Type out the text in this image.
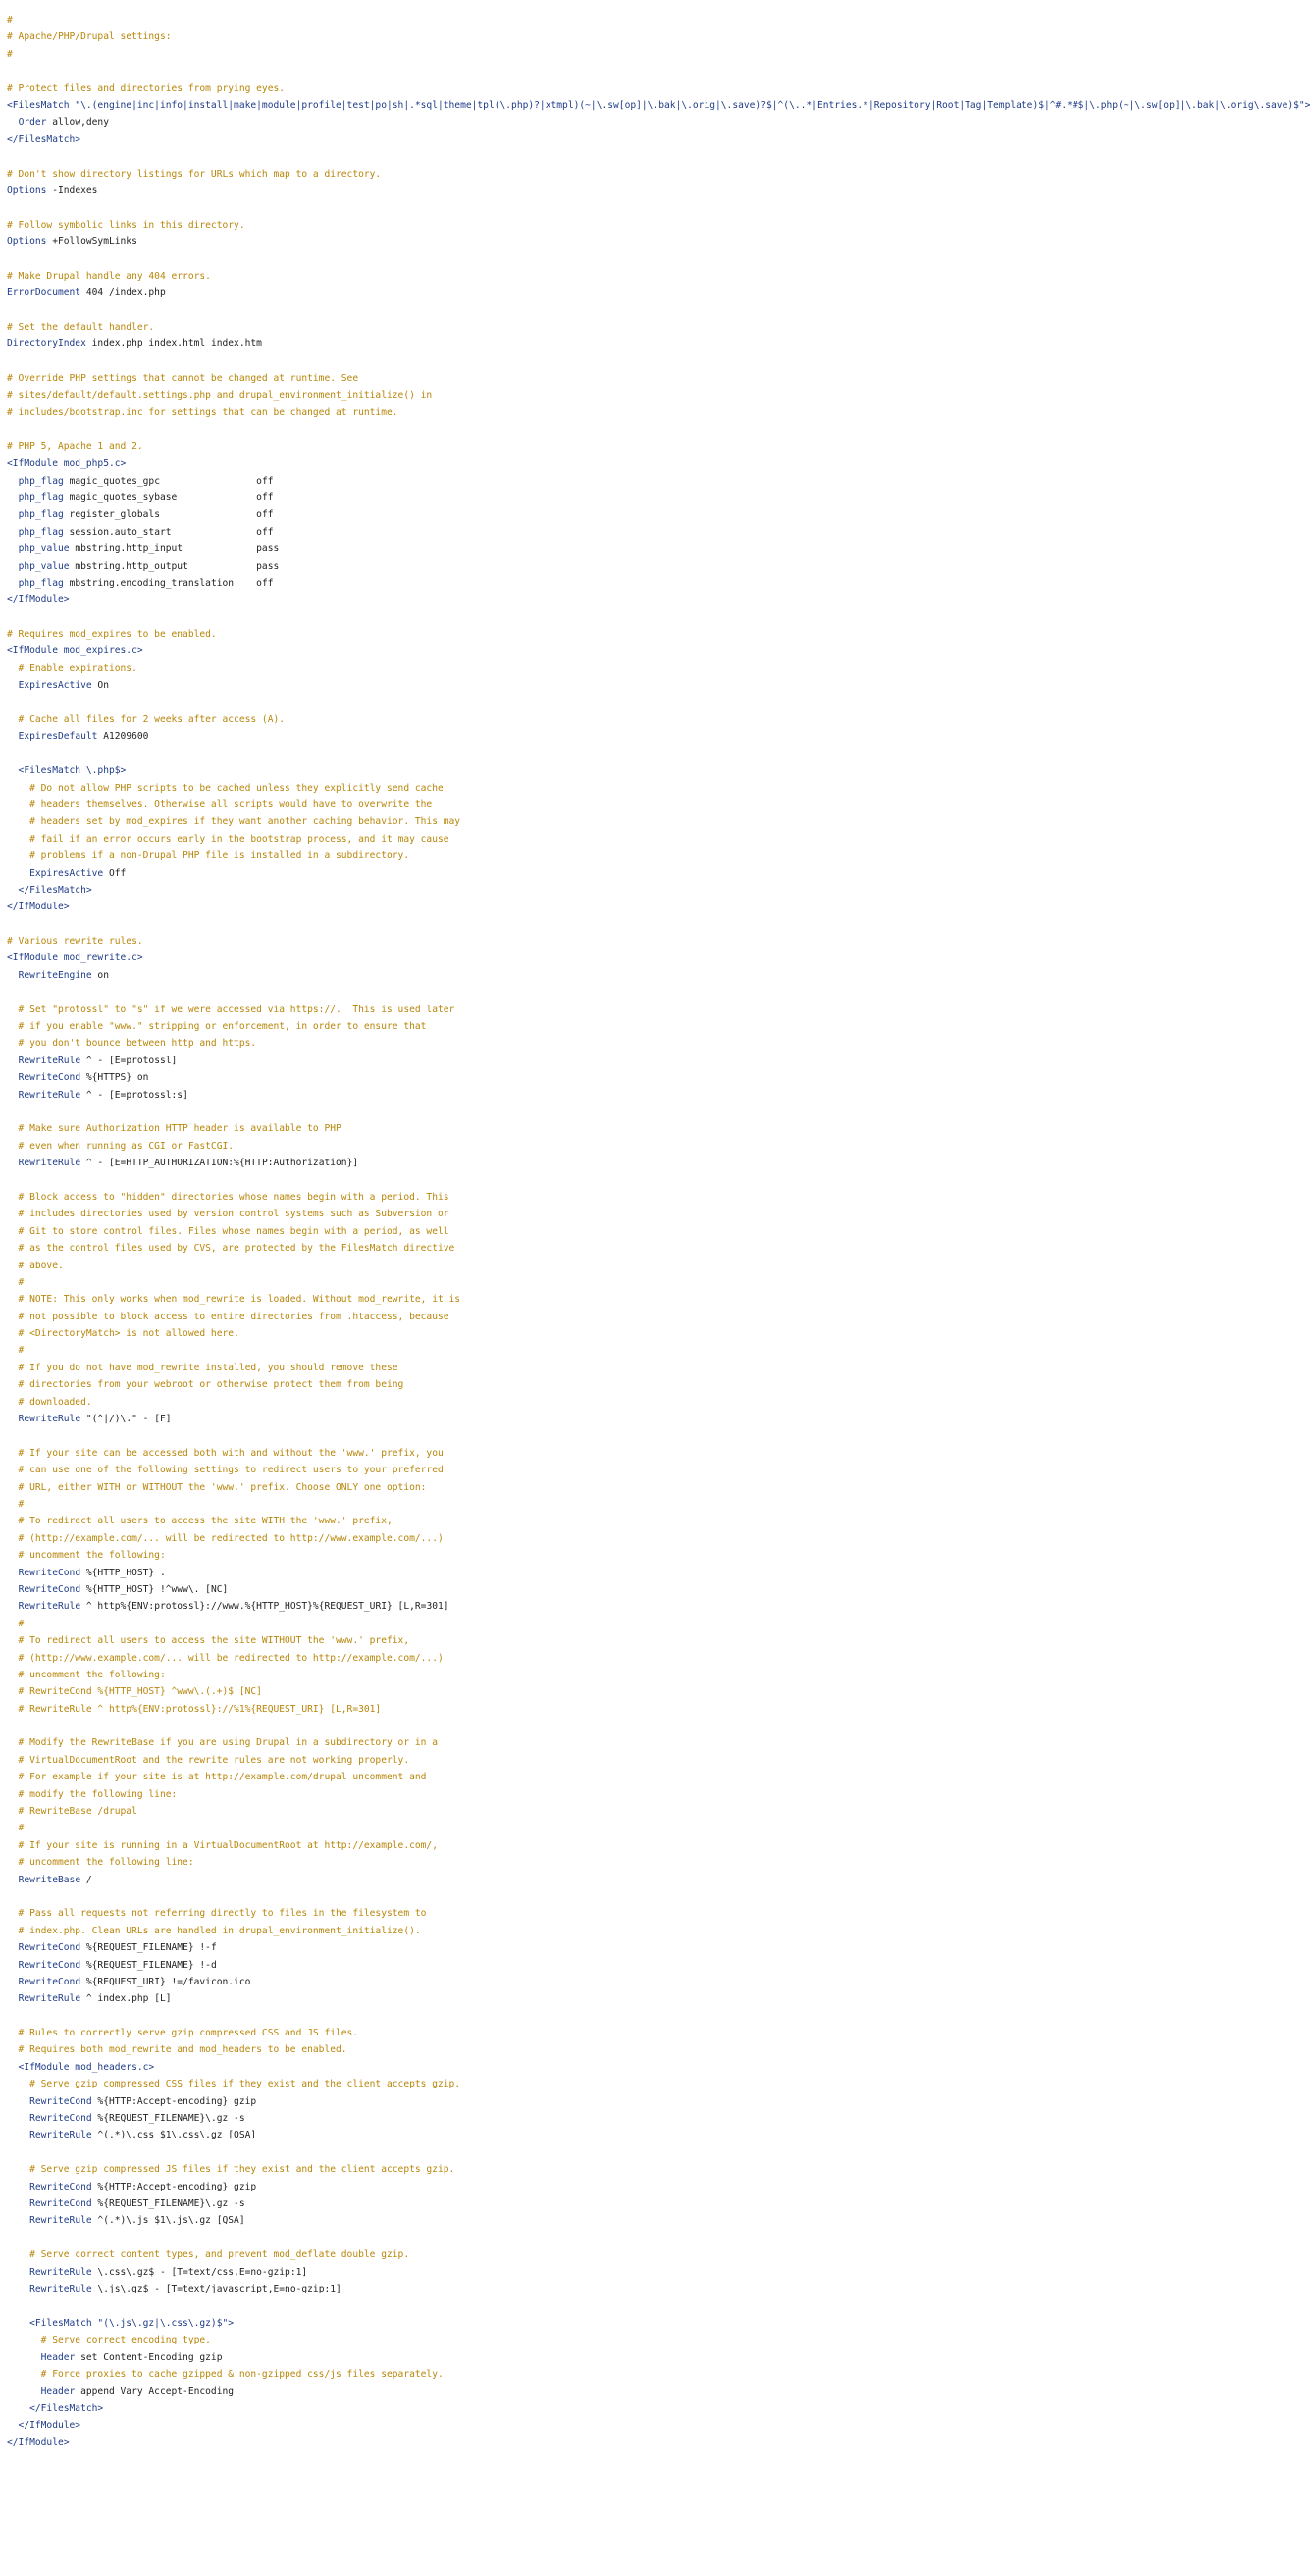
#
# Apache/PHP/Drupal settings:
#
# Protect files and directories from prying eyes.
<FilesMatch "\.(engine|inc|info|install|make|module|profile|test|po|sh|.*sql|theme|tpl(\.php)?|xtmpl)(~|\.sw[op]|\.bak|\.orig|\.save)?$|^(\..*|Entries.*|Repository|Root|Tag|Template)$|^#.*#$|\.php(~|\.sw[op]|\.bak|\.orig\.save)$">
Order allow,deny
</FilesMatch>
# Don't show directory listings for URLs which map to a directory.
Options -Indexes
# Follow symbolic links in this directory.
Options +FollowSymLinks
# Make Drupal handle any 404 errors.
ErrorDocument 404 /index.php
# Set the default handler.
DirectoryIndex index.php index.html index.htm
# Override PHP settings that cannot be changed at runtime. See
# sites/default/default.settings.php and drupal_environment_initialize() in
# includes/bootstrap.inc for settings that can be changed at runtime.
# PHP 5, Apache 1 and 2.
<IfModule mod_php5.c>
php_flag magic_quotes_gpc                 off
php_flag magic_quotes_sybase              off
php_flag register_globals                 off
php_flag session.auto_start               off
php_value mbstring.http_input             pass
php_value mbstring.http_output            pass
php_flag mbstring.encoding_translation    off
</IfModule>
# Requires mod_expires to be enabled.
<IfModule mod_expires.c>
# Enable expirations.
ExpiresActive On
# Cache all files for 2 weeks after access (A).
ExpiresDefault A1209600
<FilesMatch \.php$>
# Do not allow PHP scripts to be cached unless they explicitly send cache
# headers themselves. Otherwise all scripts would have to overwrite the
# headers set by mod_expires if they want another caching behavior. This may
# fail if an error occurs early in the bootstrap process, and it may cause
# problems if a non-Drupal PHP file is installed in a subdirectory.
ExpiresActive Off
</FilesMatch>
</IfModule>
# Various rewrite rules.
<IfModule mod_rewrite.c>
RewriteEngine on
# Set "protossl" to "s" if we were accessed via https://.  This is used later
# if you enable "www." stripping or enforcement, in order to ensure that
# you don't bounce between http and https.
RewriteRule ^ - [E=protossl]
RewriteCond %{HTTPS} on
RewriteRule ^ - [E=protossl:s]
# Make sure Authorization HTTP header is available to PHP
# even when running as CGI or FastCGI.
RewriteRule ^ - [E=HTTP_AUTHORIZATION:%{HTTP:Authorization}]
# Block access to "hidden" directories whose names begin with a period. This
# includes directories used by version control systems such as Subversion or
# Git to store control files. Files whose names begin with a period, as well
# as the control files used by CVS, are protected by the FilesMatch directive
# above.
#
# NOTE: This only works when mod_rewrite is loaded. Without mod_rewrite, it is
# not possible to block access to entire directories from .htaccess, because
# <DirectoryMatch> is not allowed here.
#
# If you do not have mod_rewrite installed, you should remove these
# directories from your webroot or otherwise protect them from being
# downloaded.
RewriteRule "(^|/)\." - [F]
# If your site can be accessed both with and without the 'www.' prefix, you
# can use one of the following settings to redirect users to your preferred
# URL, either WITH or WITHOUT the 'www.' prefix. Choose ONLY one option:
#
# To redirect all users to access the site WITH the 'www.' prefix,
# (http://example.com/... will be redirected to http://www.example.com/...)
# uncomment the following:
RewriteCond %{HTTP_HOST} .
RewriteCond %{HTTP_HOST} !^www\. [NC]
RewriteRule ^ http%{ENV:protossl}://www.%{HTTP_HOST}%{REQUEST_URI} [L,R=301]
#
# To redirect all users to access the site WITHOUT the 'www.' prefix,
# (http://www.example.com/... will be redirected to http://example.com/...)
# uncomment the following:
# RewriteCond %{HTTP_HOST} ^www\.(.+)$ [NC]
# RewriteRule ^ http%{ENV:protossl}://%1%{REQUEST_URI} [L,R=301]
# Modify the RewriteBase if you are using Drupal in a subdirectory or in a
# VirtualDocumentRoot and the rewrite rules are not working properly.
# For example if your site is at http://example.com/drupal uncomment and
# modify the following line:
# RewriteBase /drupal
#
# If your site is running in a VirtualDocumentRoot at http://example.com/,
# uncomment the following line:
RewriteBase /
# Pass all requests not referring directly to files in the filesystem to
# index.php. Clean URLs are handled in drupal_environment_initialize().
RewriteCond %{REQUEST_FILENAME} !-f
RewriteCond %{REQUEST_FILENAME} !-d
RewriteCond %{REQUEST_URI} !=/favicon.ico
RewriteRule ^ index.php [L]
# Rules to correctly serve gzip compressed CSS and JS files.
# Requires both mod_rewrite and mod_headers to be enabled.
<IfModule mod_headers.c>
# Serve gzip compressed CSS files if they exist and the client accepts gzip.
RewriteCond %{HTTP:Accept-encoding} gzip
RewriteCond %{REQUEST_FILENAME}\.gz -s
RewriteRule ^(.*)\.css $1\.css\.gz [QSA]
# Serve gzip compressed JS files if they exist and the client accepts gzip.
RewriteCond %{HTTP:Accept-encoding} gzip
RewriteCond %{REQUEST_FILENAME}\.gz -s
RewriteRule ^(.*)\.js $1\.js\.gz [QSA]
# Serve correct content types, and prevent mod_deflate double gzip.
RewriteRule \.css\.gz$ - [T=text/css,E=no-gzip:1]
RewriteRule \.js\.gz$ - [T=text/javascript,E=no-gzip:1]
<FilesMatch "(\.js\.gz|\.css\.gz)$">
# Serve correct encoding type.
Header set Content-Encoding gzip
# Force proxies to cache gzipped & non-gzipped css/js files separately.
Header append Vary Accept-Encoding
</FilesMatch>
</IfModule>
</IfModule>
